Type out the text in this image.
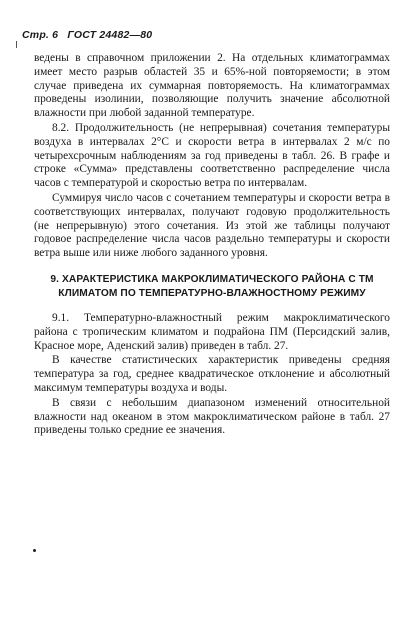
Стр. 6 ГОСТ 24482—80

ведены в справочном приложении 2. На отдельных климатограммах имеет место разрыв областей 35 и 65%-ной повторяемости; в этом случае приведена их суммарная повторяемость. На климатограммах проведены изолинии, позволяющие получить значение абсолютной влажности при любой заданной температуре.

8.2. Продолжительность (не непрерывная) сочетания температуры воздуха в интервалах 2°С и скорости ветра в интервалах 2 м/с по четырехсрочным наблюдениям за год приведены в табл. 26. В графе и строке «Сумма» представлены соответственно распределение числа часов с температурой и скоростью ветра по интервалам.

Суммируя число часов с сочетанием температуры и скорости ветра в соответствующих интервалах, получают годовую продолжительность (не непрерывную) этого сочетания. Из этой же таблицы получают годовое распределение числа часов раздельно температуры и скорости ветра выше или ниже любого заданного уровня.

9. ХАРАКТЕРИСТИКА МАКРОКЛИМАТИЧЕСКОГО РАЙОНА С ТМ КЛИМАТОМ ПО ТЕМПЕРАТУРНО-ВЛАЖНОСТНОМУ РЕЖИМУ

9.1. Температурно-влажностный режим макроклиматического района с тропическим климатом и подрайона ПМ (Персидский залив, Красное море, Аденский залив) приведен в табл. 27.

В качестве статистических характеристик приведены средняя температура за год, среднее квадратическое отклонение и абсолютный максимум температуры воздуха и воды.

В связи с небольшим диапазоном изменений относительной влажности над океаном в этом макроклиматическом районе в табл. 27 приведены только средние ее значения.
